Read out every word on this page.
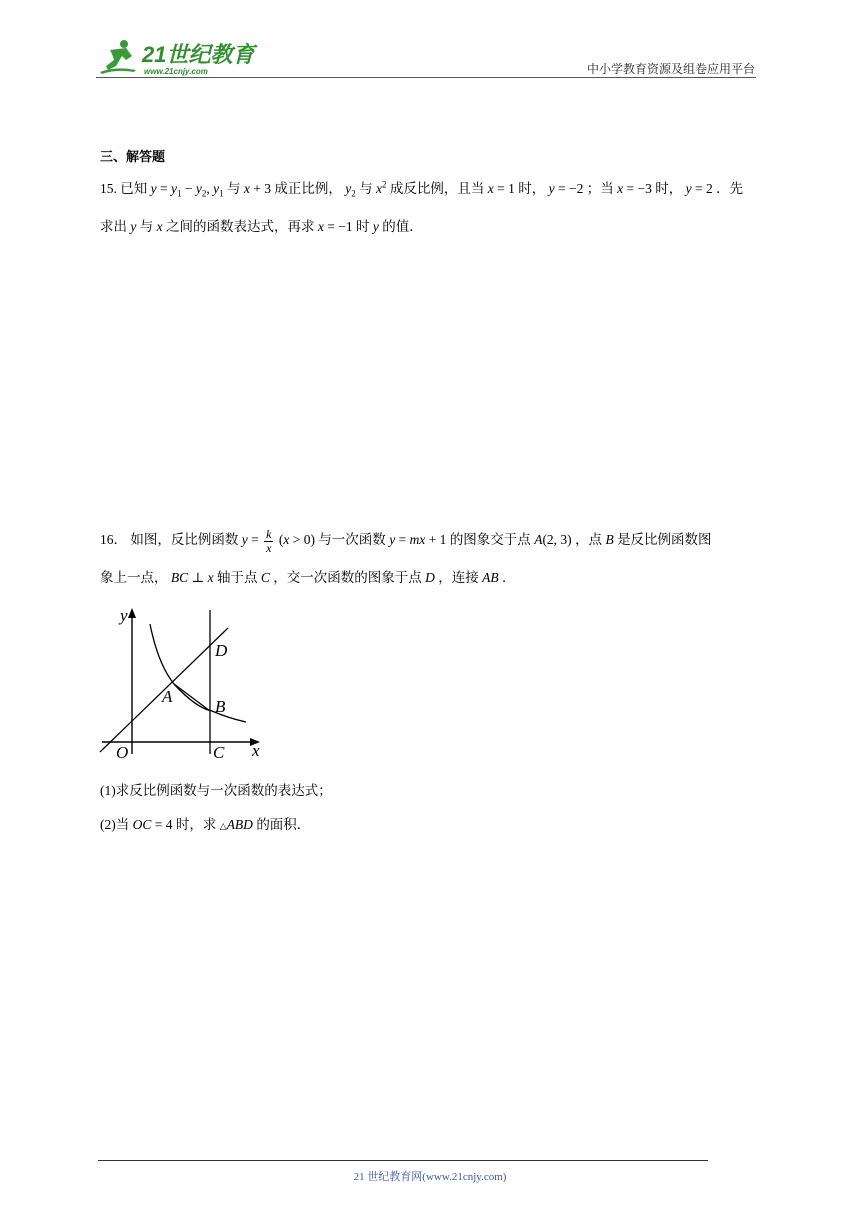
21世纪教育
www.21cnjy.com	中小学教育资源及组卷应用平台
三、解答题
15. 已知 $y = y_1 - y_2$, $y_1$ 与 x + 3 成正比例， $y_2$ 与 $x^2$ 成反比例，且当 x = 1 时， y = −2 ；当 x = −3 时， y = 2 ．先
求出 y 与 x 之间的函数表达式，再求 x = −1 时 y 的值．
16． 如图，反比例函数 $y = \frac{k}{x} (x > 0)$ 与一次函数 y = mx + 1 的图象交于点 A(2, 3) ，点 B 是反比例函数图
象上一点， BC ⊥ x 轴于点 C ，交一次函数的图象于点 D ，连接 AB ．
y
x
O
A
B
C
D
(1)求反比例函数与一次函数的表达式；
(2)当 OC = 4 时，求 △ABD 的面积．
21 世纪教育网(www.21cnjy.com)
